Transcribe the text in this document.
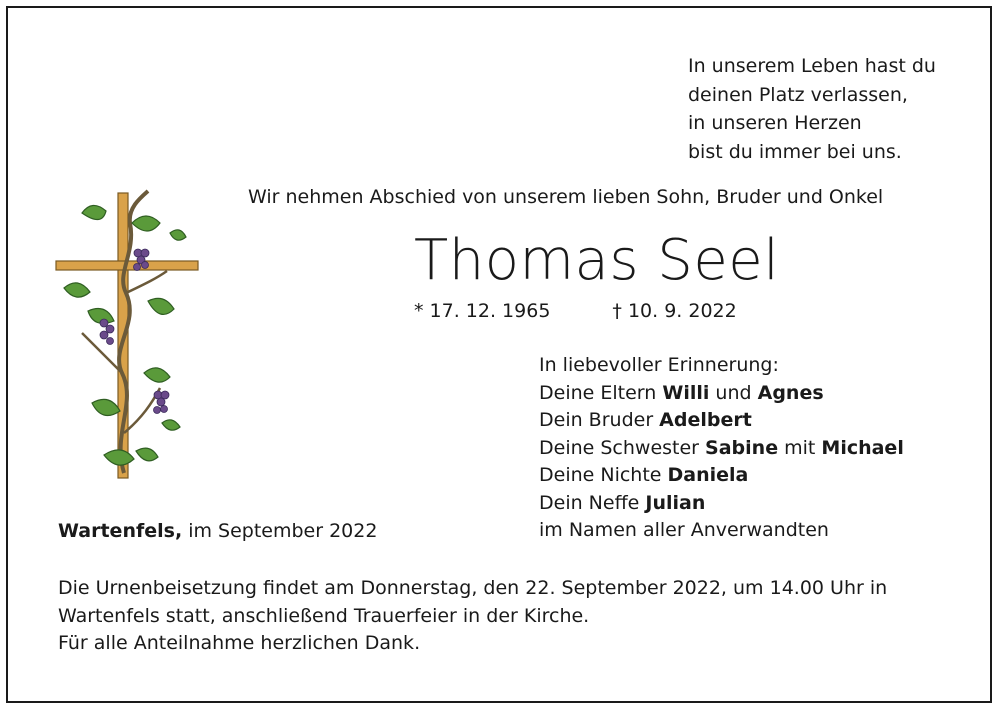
In unserem Leben hast du
deinen Platz verlassen,
in unseren Herzen
bist du immer bei uns.
Wir nehmen Abschied von unserem lieben Sohn, Bruder und Onkel
Thomas Seel
* 17. 12. 1965	† 10. 9. 2022
In liebevoller Erinnerung:
Deine Eltern Willi und Agnes
Dein Bruder Adelbert
Deine Schwester Sabine mit Michael
Deine Nichte Daniela
Dein Neffe Julian
im Namen aller Anverwandten
Wartenfels, im September 2022
Die Urnenbeisetzung findet am Donnerstag, den 22. September 2022, um 14.00 Uhr in
Wartenfels statt, anschließend Trauerfeier in der Kirche.
Für alle Anteilnahme herzlichen Dank.
